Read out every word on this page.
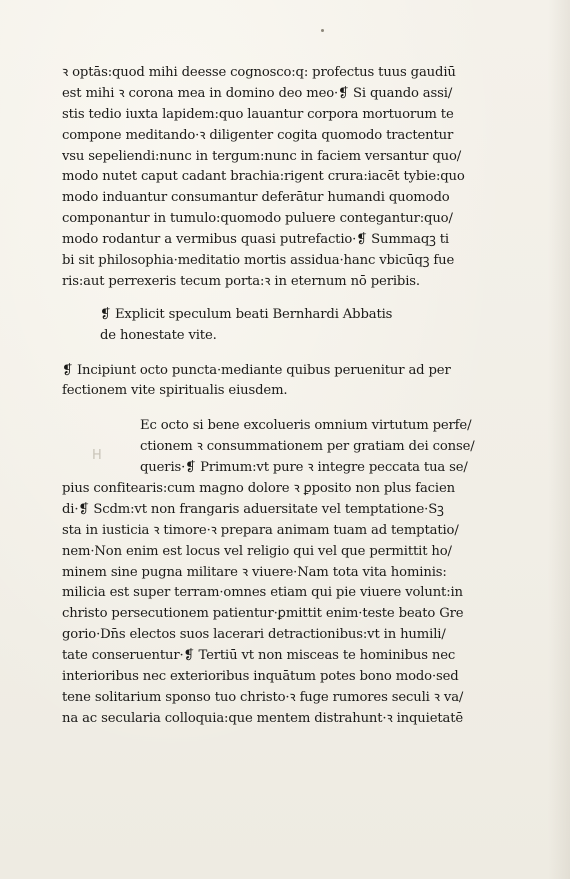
H
ꝛ optās:quod mihi deesse cognosco:q: profectus tuus gaudiū
est mihi ꝛ corona mea in domino deo meo·❡ Si quando assi/
stis tedio iuxta lapidem:quo lauantur corpora mortuorum te
compone meditando·ꝛ diligenter cogita quomodo tractentur
vsu sepeliendi:nunc in tergum:nunc in faciem versantur quo/
modo nutet caput cadant brachia:rigent crura:iacēt tybie:quo
modo induantur consumantur deferātur humandi quomodo
componantur in tumulo:quomodo puluere contegantur:quo/
modo rodantur a vermibus quasi putrefactio·❡ Summaqꝫ ti
bi sit philosophia·meditatio mortis assidua·hanc vbicūqꝫ fue
ris:aut perrexeris tecum porta:ꝛ in eternum nō peribis.
❡ Explicit speculum beati Bernhardi Abbatis
de honestate vite.
❡ Incipiunt octo puncta·mediante quibus peruenitur ad per
fectionem vite spiritualis eiusdem.
Ec octo si bene excolueris omnium virtutum perfe/
ctionem ꝛ consummationem per gratiam dei conse/
queris·❡ Primum:vt pure ꝛ integre peccata tua se/
pius confitearis:cum magno dolore ꝛ ꝑposito non plus facien
di·❡ Scdm:vt non frangaris aduersitate vel temptatione·Sꝫ
sta in iusticia ꝛ timore·ꝛ prepara animam tuam ad temptatio/
nem·Non enim est locus vel religio qui vel que permittit ho/
minem sine pugna militare ꝛ viuere·Nam tota vita hominis:
milicia est super terram·omnes etiam qui pie viuere volunt:in
christo persecutionem patientur·ꝑmittit enim·teste beato Gre
gorio·Dn̄s electos suos lacerari detractionibus:vt in humili/
tate conseruentur·❡ Tertiū vt non misceas te hominibus nec
interioribus nec exterioribus inquātum potes bono modo·sed
tene solitarium sponso tuo christo·ꝛ fuge rumores seculi ꝛ va/
na ac secularia colloquia:que mentem distrahunt·ꝛ inquietatē
